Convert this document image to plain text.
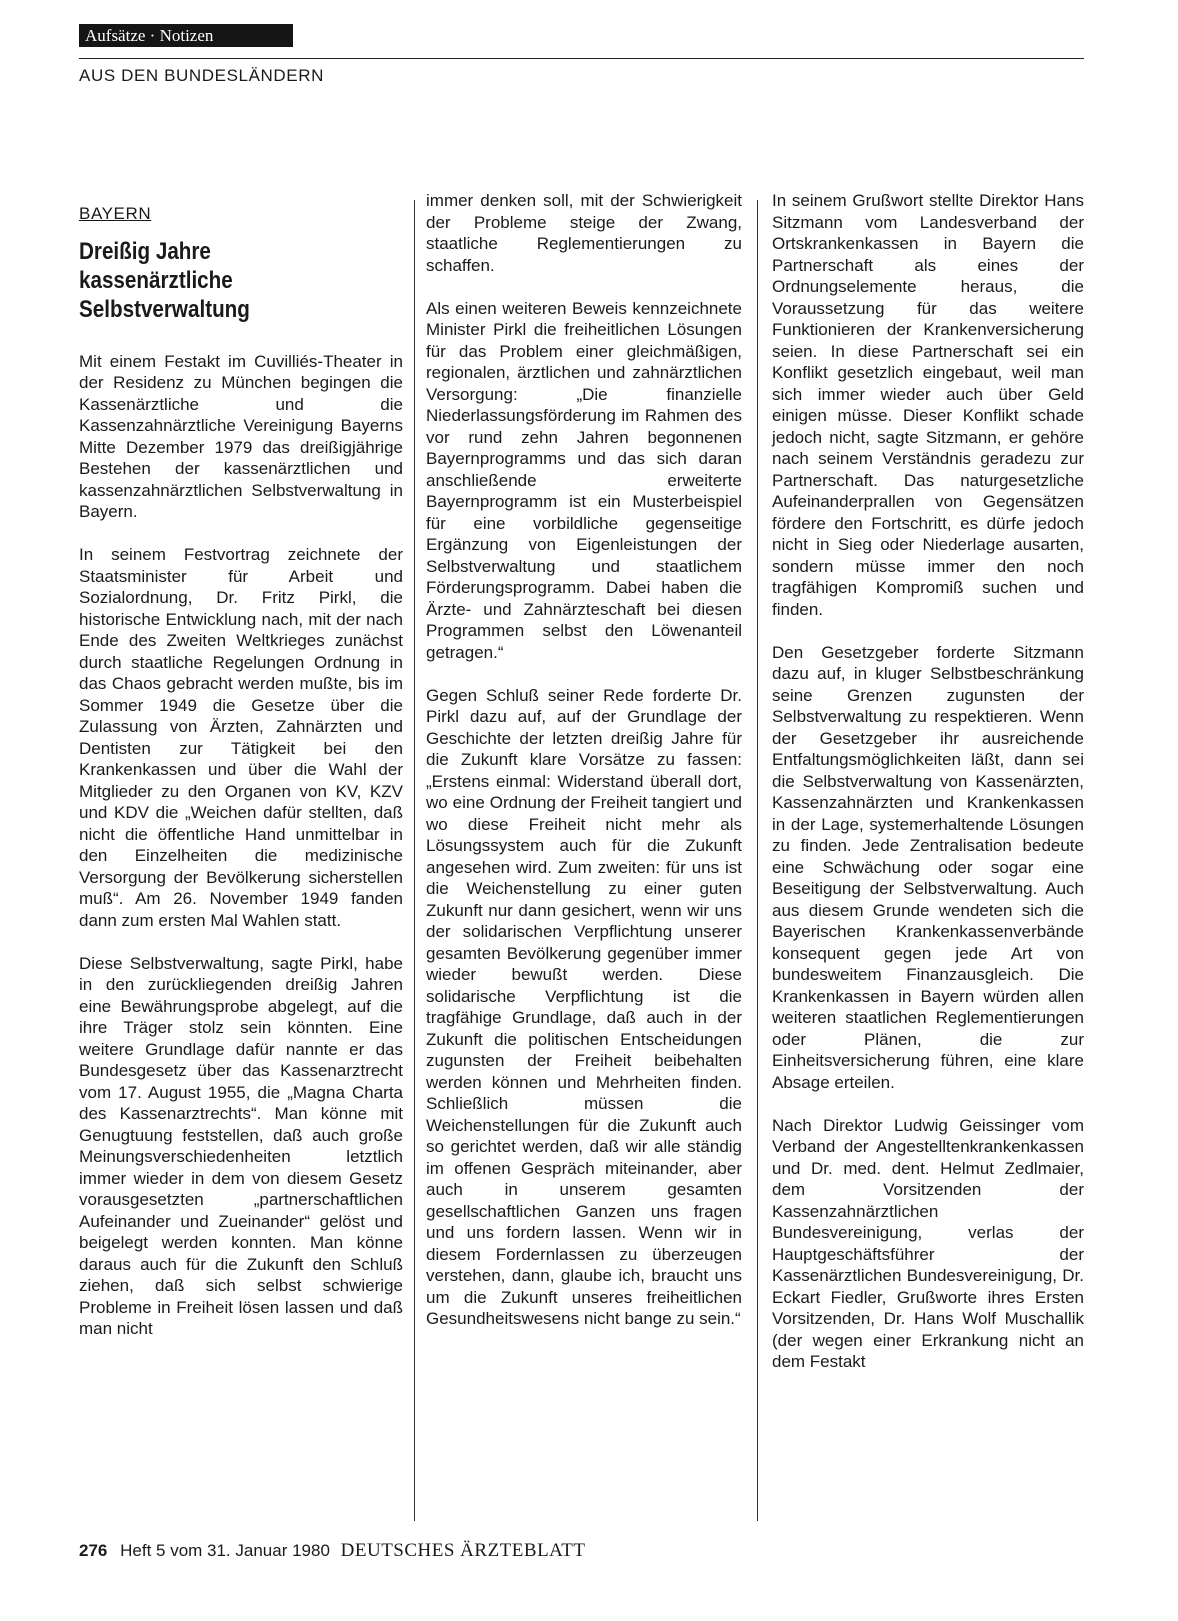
Aufsätze · Notizen
AUS DEN BUNDESLÄNDERN
BAYERN
Dreißig Jahre
kassenärztliche
Selbstverwaltung

Mit einem Festakt im Cuvilliés-Theater in der Residenz zu München begingen die Kassenärztliche und die Kassenzahnärztliche Vereinigung Bayerns Mitte Dezember 1979 das dreißigjährige Bestehen der kassenärztlichen und kassenzahnärztlichen Selbstverwaltung in Bayern.

In seinem Festvortrag zeichnete der Staatsminister für Arbeit und Sozialordnung, Dr. Fritz Pirkl, die historische Entwicklung nach, mit der nach Ende des Zweiten Weltkrieges zunächst durch staatliche Regelungen Ordnung in das Chaos gebracht werden mußte, bis im Sommer 1949 die Gesetze über die Zulassung von Ärzten, Zahnärzten und Dentisten zur Tätigkeit bei den Krankenkassen und über die Wahl der Mitglieder zu den Organen von KV, KZV und KDV die „Weichen dafür stellten, daß nicht die öffentliche Hand unmittelbar in den Einzelheiten die medizinische Versorgung der Bevölkerung sicherstellen muß“. Am 26. November 1949 fanden dann zum ersten Mal Wahlen statt.

Diese Selbstverwaltung, sagte Pirkl, habe in den zurückliegenden dreißig Jahren eine Bewährungsprobe abgelegt, auf die ihre Träger stolz sein könnten. Eine weitere Grundlage dafür nannte er das Bundesgesetz über das Kassenarztrecht vom 17. August 1955, die „Magna Charta des Kassenarztrechts“. Man könne mit Genugtuung feststellen, daß auch große Meinungsverschiedenheiten letztlich immer wieder in dem von diesem Gesetz vorausgesetzten „partnerschaftlichen Aufeinander und Zueinander“ gelöst und beigelegt werden konnten. Man könne daraus auch für die Zukunft den Schluß ziehen, daß sich selbst schwierige Probleme in Freiheit lösen lassen und daß man nicht

immer denken soll, mit der Schwierigkeit der Probleme steige der Zwang, staatliche Reglementierungen zu schaffen.

Als einen weiteren Beweis kennzeichnete Minister Pirkl die freiheitlichen Lösungen für das Problem einer gleichmäßigen, regionalen, ärztlichen und zahnärztlichen Versorgung: „Die finanzielle Niederlassungsförderung im Rahmen des vor rund zehn Jahren begonnenen Bayernprogramms und das sich daran anschließende erweiterte Bayernprogramm ist ein Musterbeispiel für eine vorbildliche gegenseitige Ergänzung von Eigenleistungen der Selbstverwaltung und staatlichem Förderungsprogramm. Dabei haben die Ärzte- und Zahnärzteschaft bei diesen Programmen selbst den Löwenanteil getragen.“

Gegen Schluß seiner Rede forderte Dr. Pirkl dazu auf, auf der Grundlage der Geschichte der letzten dreißig Jahre für die Zukunft klare Vorsätze zu fassen: „Erstens einmal: Widerstand überall dort, wo eine Ordnung der Freiheit tangiert und wo diese Freiheit nicht mehr als Lösungssystem auch für die Zukunft angesehen wird. Zum zweiten: für uns ist die Weichenstellung zu einer guten Zukunft nur dann gesichert, wenn wir uns der solidarischen Verpflichtung unserer gesamten Bevölkerung gegenüber immer wieder bewußt werden. Diese solidarische Verpflichtung ist die tragfähige Grundlage, daß auch in der Zukunft die politischen Entscheidungen zugunsten der Freiheit beibehalten werden können und Mehrheiten finden. Schließlich müssen die Weichenstellungen für die Zukunft auch so gerichtet werden, daß wir alle ständig im offenen Gespräch miteinander, aber auch in unserem gesamten gesellschaftlichen Ganzen uns fragen und uns fordern lassen. Wenn wir in diesem Fordernlassen zu überzeugen verstehen, dann, glaube ich, braucht uns um die Zukunft unseres freiheitlichen Gesundheitswesens nicht bange zu sein.“

In seinem Grußwort stellte Direktor Hans Sitzmann vom Landesverband der Ortskrankenkassen in Bayern die Partnerschaft als eines der Ordnungselemente heraus, die Voraussetzung für das weitere Funktionieren der Krankenversicherung seien. In diese Partnerschaft sei ein Konflikt gesetzlich eingebaut, weil man sich immer wieder auch über Geld einigen müsse. Dieser Konflikt schade jedoch nicht, sagte Sitzmann, er gehöre nach seinem Verständnis geradezu zur Partnerschaft. Das naturgesetzliche Aufeinanderprallen von Gegensätzen fördere den Fortschritt, es dürfe jedoch nicht in Sieg oder Niederlage ausarten, sondern müsse immer den noch tragfähigen Kompromiß suchen und finden.

Den Gesetzgeber forderte Sitzmann dazu auf, in kluger Selbstbeschränkung seine Grenzen zugunsten der Selbstverwaltung zu respektieren. Wenn der Gesetzgeber ihr ausreichende Entfaltungsmöglichkeiten läßt, dann sei die Selbstverwaltung von Kassenärzten, Kassenzahnärzten und Krankenkassen in der Lage, systemerhaltende Lösungen zu finden. Jede Zentralisation bedeute eine Schwächung oder sogar eine Beseitigung der Selbstverwaltung. Auch aus diesem Grunde wendeten sich die Bayerischen Krankenkassenverbände konsequent gegen jede Art von bundesweitem Finanzausgleich. Die Krankenkassen in Bayern würden allen weiteren staatlichen Reglementierungen oder Plänen, die zur Einheitsversicherung führen, eine klare Absage erteilen.

Nach Direktor Ludwig Geissinger vom Verband der Angestelltenkrankenkassen und Dr. med. dent. Helmut Zedlmaier, dem Vorsitzenden der Kassenzahnärztlichen Bundesvereinigung, verlas der Hauptgeschäftsführer der Kassenärztlichen Bundesvereinigung, Dr. Eckart Fiedler, Grußworte ihres Ersten Vorsitzenden, Dr. Hans Wolf Muschallik (der wegen einer Erkrankung nicht an dem Festakt

276 Heft 5 vom 31. Januar 1980 DEUTSCHES ÄRZTEBLATT
